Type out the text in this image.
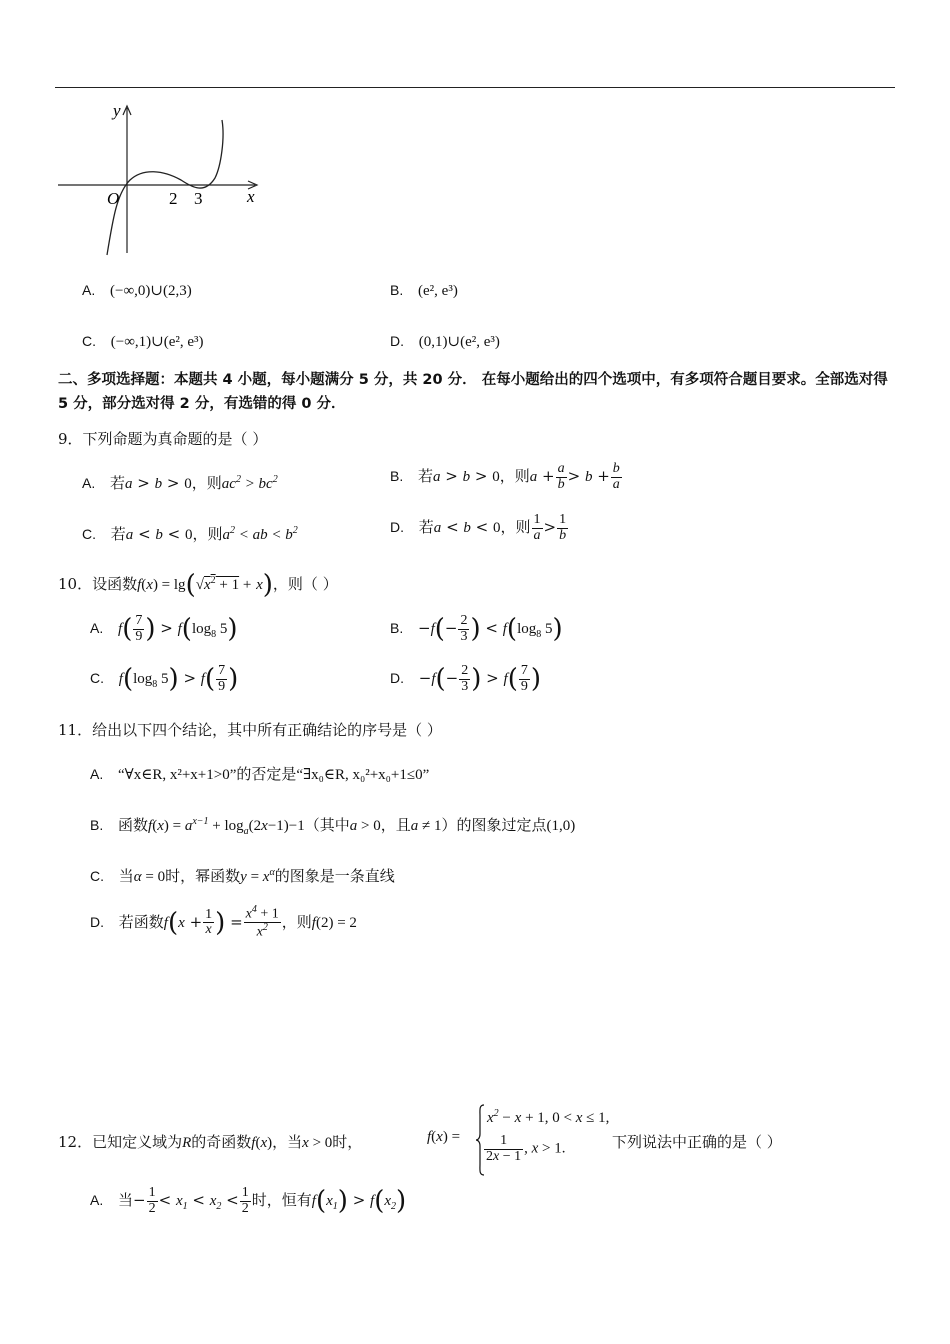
y
x
O	2 3
A. (−∞,0)∪(2,3)	B. (e², e³)
C. (−∞,1)∪(e², e³)	D. (0,1)∪(e², e³)
二、多项选择题：本题共 4 小题，每小题满分 5 分，共 20 分． 在每小题给出的四个选项中，有多项符合题目要求。全部选对得 5 分，部分选对得 2 分，有选错的得 0 分．
9．下列命题为真命题的是（ ）
A. 若a > b > 0，则$ac^2 > bc^2$	B. 若a > b > 0，则$a + \frac{a}{b} > b + \frac{b}{a}$
C. 若a < b < 0，则$a^2$ < ab < $b^2$	D. 若a < b < 0，则 $\frac{1}{a} > \frac{1}{b}$
10．设函数$f(x) = \lg(√x^2 + 1 + x)$，则（ ）
A. $f( \frac{7}{9}$ ) > $f(\log_8$ 5)	B. $-f(- \frac{2}{3}$ ) < $f(\log_8$ 5)
C. $f(\log_8$ $5) > f( \frac{7}{9}$ )	D. $-f(- \frac{2}{3}$ ) > $f( \frac{7}{9}$ )
11．给出以下四个结论，其中所有正确结论的序号是（ ）
A. “∀x∈R, x²+x+1>0”的否定是“∃x₀∈R, x₀²+x₀+1≤0”
B. 函数$f(x) = a^{x-1} + \log_a(2x-1)-1$（其中a > 0，且a ≠ 1）的图象过定点(1,0)
C. 当α = 0时，幂函数$y = x^\alpha$的图象是一条直线
D. 若函数$f(x + \frac{1}{x}$ ) = $\frac{x^4 + 1}{x^2}$ ，则f(2) = 2
12．已知定义域为R的奇函数f(x)，当x > 0时，	f(x) =
$x^2 - x + 1$, 0 < x ≤ 1,
$\frac{1}{2x - 1}$ , x > 1.	下列说法中正确的是（ ）
A. 当− $\frac{1}{2} < x_1 < x_2 < \frac{1}{2}$ 时，恒有$f(x_1) > f(x_2)$
